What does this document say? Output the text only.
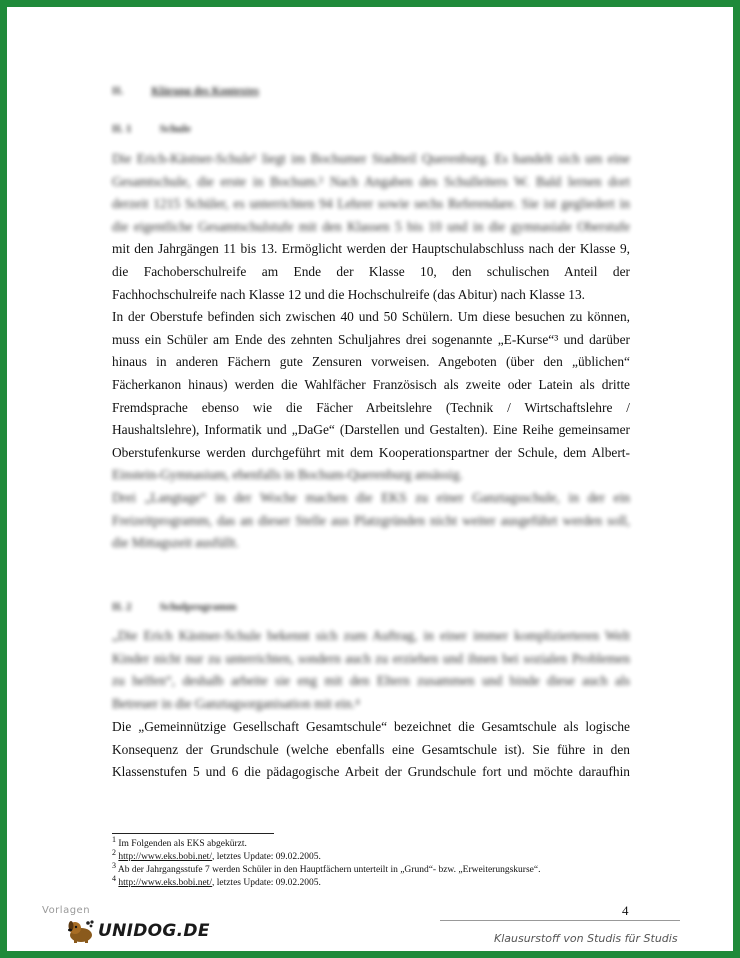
II.	Klärung des Kontextes
II. 1	Schule
Die Erich-Kästner-Schule¹ liegt im Bochumer Stadtteil Querenburg. Es handelt sich um eine
Gesamtschule, die erste in Bochum.² Nach Angaben des Schulleiters W. Bald lernen dort
derzeit 1215 Schüler, es unterrichten 94 Lehrer sowie sechs Referendare. Sie ist gegliedert in
die eigentliche Gesamtschulstufe mit den Klassen 5 bis 10 und in die gymnasiale Oberstufe
mit den Jahrgängen 11 bis 13. Ermöglicht werden der Hauptschulabschluss nach der Klasse 9,
die Fachoberschulreife am Ende der Klasse 10, den schulischen Anteil der
Fachhochschulreife nach Klasse 12 und die Hochschulreife (das Abitur) nach Klasse 13.
In der Oberstufe befinden sich zwischen 40 und 50 Schülern. Um diese besuchen zu können,
muss ein Schüler am Ende des zehnten Schuljahres drei sogenannte „E-Kurse“³ und darüber
hinaus in anderen Fächern gute Zensuren vorweisen. Angeboten (über den „üblichen“
Fächerkanon hinaus) werden die Wahlfächer Französisch als zweite oder Latein als dritte
Fremdsprache ebenso wie die Fächer Arbeitslehre (Technik / Wirtschaftslehre /
Haushaltslehre), Informatik und „DaGe“ (Darstellen und Gestalten). Eine Reihe gemeinsamer
Oberstufenkurse werden durchgeführt mit dem Kooperationspartner der Schule, dem Albert-
Einstein-Gymnasium, ebenfalls in Bochum-Querenburg ansässig.
Drei „Langtage“ in der Woche machen die EKS zu einer Ganztagsschule, in der ein
Freizeitprogramm, das an dieser Stelle aus Platzgründen nicht weiter ausgeführt werden soll,
die Mittagszeit ausfüllt.
II. 2	Schulprogramm
„Die Erich Kästner-Schule bekennt sich zum Auftrag, in einer immer komplizierteren Welt
Kinder nicht nur zu unterrichten, sondern auch zu erziehen und ihnen bei sozialen Problemen
zu helfen“, deshalb arbeite sie eng mit den Eltern zusammen und binde diese auch als
Betreuer in die Ganztagsorganisation mit ein.⁴
Die „Gemeinnützige Gesellschaft Gesamtschule“ bezeichnet die Gesamtschule als logische
Konsequenz der Grundschule (welche ebenfalls eine Gesamtschule ist). Sie führe in den
Klassenstufen 5 und 6 die pädagogische Arbeit der Grundschule fort und möchte daraufhin
$^1$ Im Folgenden als EKS abgekürzt.
$^2$ http://www.eks.bobi.net/, letztes Update: 09.02.2005.
$^3$ Ab der Jahrgangsstufe 7 werden Schüler in den Hauptfächern unterteilt in „Grund“- bzw. „Erweiterungskurse“.
$^4$ http://www.eks.bobi.net/, letztes Update: 09.02.2005.
4
Vorlagen
UNIDOG.DE	Klausurstoff von Studis für Studis
